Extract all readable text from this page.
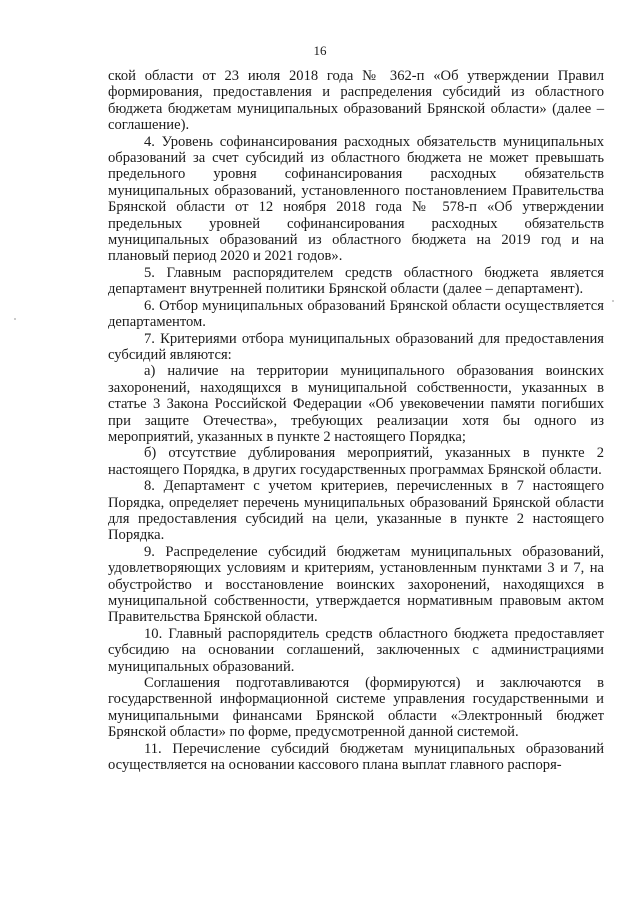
16

ской области от 23 июля 2018 года № 362-п «Об утверждении Правил формирования, предоставления и распределения субсидий из областного бюджета бюджетам муниципальных образований Брянской области» (далее – соглашение).

4. Уровень софинансирования расходных обязательств муниципальных образований за счет субсидий из областного бюджета не может превышать предельного уровня софинансирования расходных обязательств муниципальных образований, установленного постановлением Правительства Брянской области от 12 ноября 2018 года № 578-п «Об утверждении предельных уровней софинансирования расходных обязательств муниципальных образований из областного бюджета на 2019 год и на плановый период 2020 и 2021 годов».

5. Главным распорядителем средств областного бюджета является департамент внутренней политики Брянской области (далее – департамент).

6. Отбор муниципальных образований Брянской области осуществляется департаментом.

7. Критериями отбора муниципальных образований для предоставления субсидий являются:

а) наличие на территории муниципального образования воинских захоронений, находящихся в муниципальной собственности, указанных в статье 3 Закона Российской Федерации «Об увековечении памяти погибших при защите Отечества», требующих реализации хотя бы одного из мероприятий, указанных в пункте 2 настоящего Порядка;

б) отсутствие дублирования мероприятий, указанных в пункте 2 настоящего Порядка, в других государственных программах Брянской области.

8. Департамент с учетом критериев, перечисленных в 7 настоящего Порядка, определяет перечень муниципальных образований Брянской области для предоставления субсидий на цели, указанные в пункте 2 настоящего Порядка.

9. Распределение субсидий бюджетам муниципальных образований, удовлетворяющих условиям и критериям, установленным пунктами 3 и 7, на обустройство и восстановление воинских захоронений, находящихся в муниципальной собственности, утверждается нормативным правовым актом Правительства Брянской области.

10. Главный распорядитель средств областного бюджета предоставляет субсидию на основании соглашений, заключенных с администрациями муниципальных образований.

Соглашения подготавливаются (формируются) и заключаются в государственной информационной системе управления государственными и муниципальными финансами Брянской области «Электронный бюджет Брянской области» по форме, предусмотренной данной системой.

11. Перечисление субсидий бюджетам муниципальных образований осуществляется на основании кассового плана выплат главного распоря-
